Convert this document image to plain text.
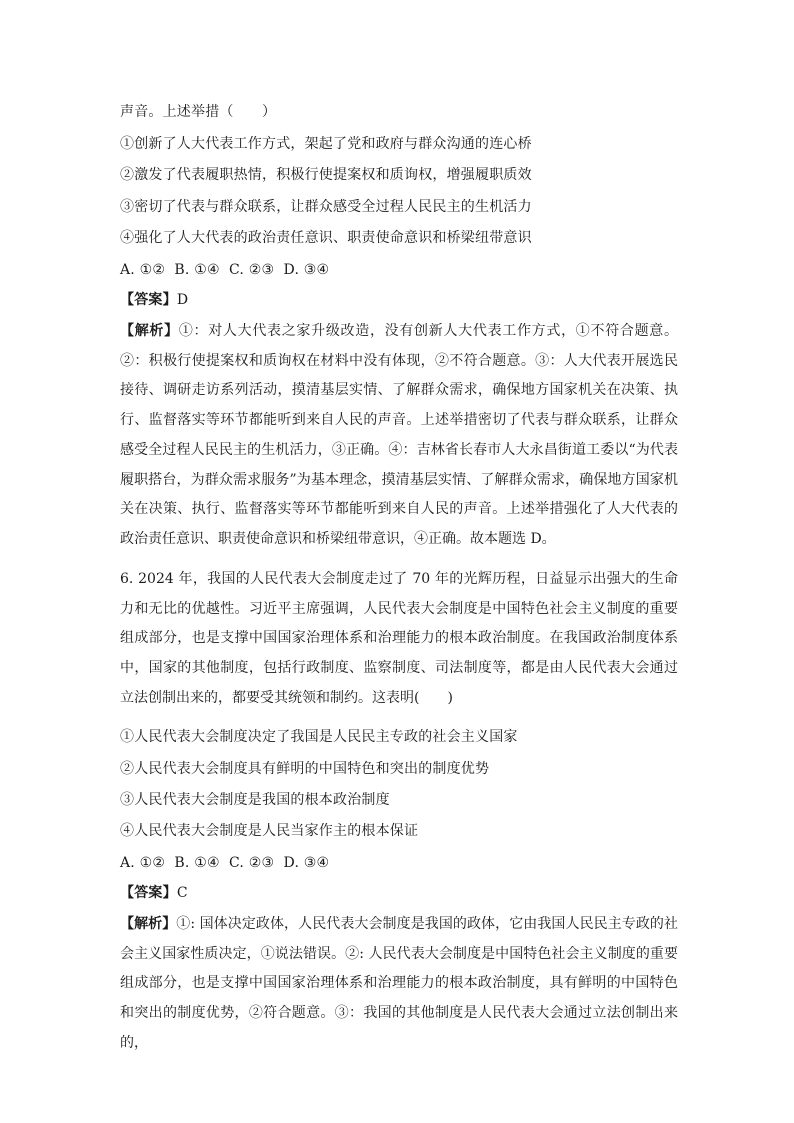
声音。上述举措（　　）
①创新了人大代表工作方式，架起了党和政府与群众沟通的连心桥
②激发了代表履职热情，积极行使提案权和质询权，增强履职质效
③密切了代表与群众联系，让群众感受全过程人民民主的生机活力
④强化了人大代表的政治责任意识、职责使命意识和桥梁纽带意识
A. ①②  B. ①④  C. ②③  D. ③④
【答案】D
【解析】①：对人大代表之家升级改造，没有创新人大代表工作方式，①不符合题意。②：积极行使提案权和质询权在材料中没有体现，②不符合题意。③：人大代表开展选民接待、调研走访系列活动，摸清基层实情、了解群众需求，确保地方国家机关在决策、执行、监督落实等环节都能听到来自人民的声音。上述举措密切了代表与群众联系，让群众感受全过程人民民主的生机活力，③正确。④：吉林省长春市人大永昌街道工委以“为代表履职搭台，为群众需求服务”为基本理念，摸清基层实情、了解群众需求，确保地方国家机关在决策、执行、监督落实等环节都能听到来自人民的声音。上述举措强化了人大代表的政治责任意识、职责使命意识和桥梁纽带意识，④正确。故本题选 D。
6. 2024 年，我国的人民代表大会制度走过了 70 年的光辉历程，日益显示出强大的生命力和无比的优越性。习近平主席强调，人民代表大会制度是中国特色社会主义制度的重要组成部分，也是支撑中国国家治理体系和治理能力的根本政治制度。在我国政治制度体系中，国家的其他制度，包括行政制度、监察制度、司法制度等，都是由人民代表大会通过立法创制出来的，都要受其统领和制约。这表明(　　)
①人民代表大会制度决定了我国是人民民主专政的社会主义国家
②人民代表大会制度具有鲜明的中国特色和突出的制度优势
③人民代表大会制度是我国的根本政治制度
④人民代表大会制度是人民当家作主的根本保证
A. ①②  B. ①④  C. ②③  D. ③④
【答案】C
【解析】①: 国体决定政体，人民代表大会制度是我国的政体，它由我国人民民主专政的社会主义国家性质决定，①说法错误。②: 人民代表大会制度是中国特色社会主义制度的重要组成部分，也是支撑中国国家治理体系和治理能力的根本政治制度，具有鲜明的中国特色和突出的制度优势，②符合题意。③：我国的其他制度是人民代表大会通过立法创制出来的，
